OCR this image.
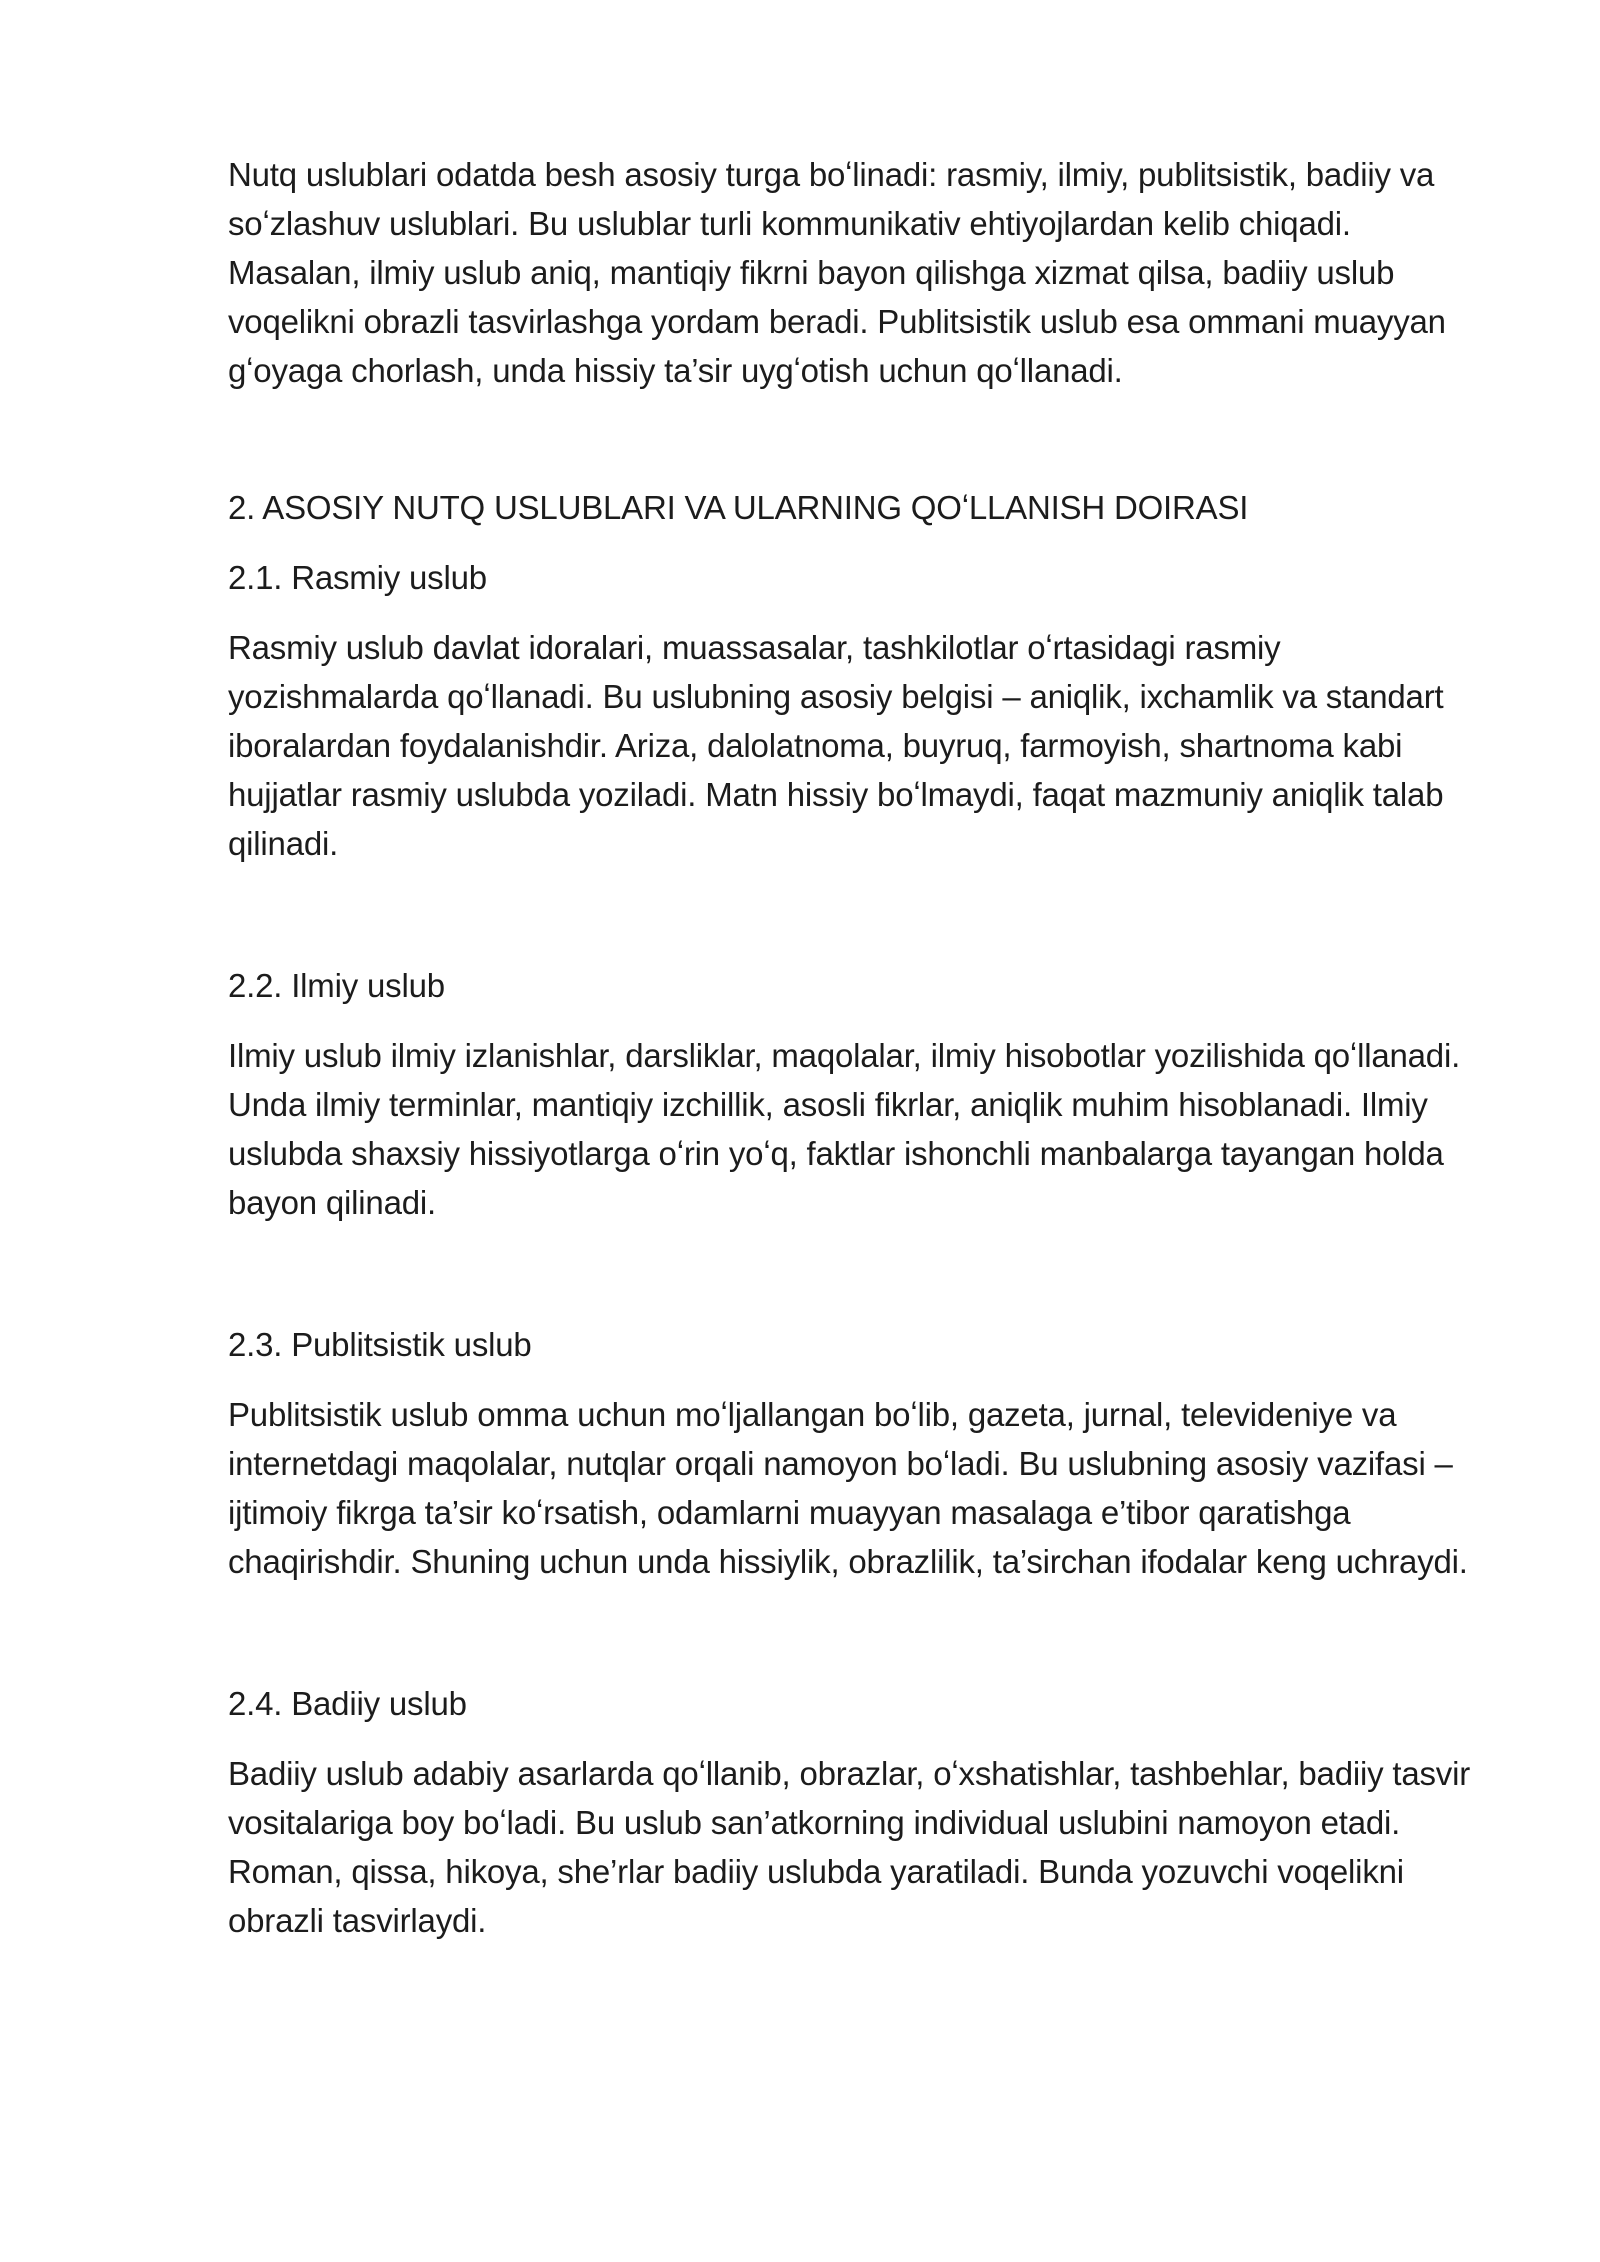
Nutq uslublari odatda besh asosiy turga boʻlinadi: rasmiy, ilmiy, publitsistik, badiiy va soʻzlashuv uslublari. Bu uslublar turli kommunikativ ehtiyojlardan kelib chiqadi. Masalan, ilmiy uslub aniq, mantiqiy fikrni bayon qilishga xizmat qilsa, badiiy uslub voqelikni obrazli tasvirlashga yordam beradi. Publitsistik uslub esa ommani muayyan gʻoyaga chorlash, unda hissiy ta’sir uygʻotish uchun qoʻllanadi.

2. ASOSIY NUTQ USLUBLARI VA ULARNING QOʻLLANISH DOIRASI

2.1. Rasmiy uslub

Rasmiy uslub davlat idoralari, muassasalar, tashkilotlar oʻrtasidagi rasmiy yozishmalarda qoʻllanadi. Bu uslubning asosiy belgisi – aniqlik, ixchamlik va standart iboralardan foydalanishdir. Ariza, dalolatnoma, buyruq, farmoyish, shartnoma kabi hujjatlar rasmiy uslubda yoziladi. Matn hissiy boʻlmaydi, faqat mazmuniy aniqlik talab qilinadi.

2.2. Ilmiy uslub

Ilmiy uslub ilmiy izlanishlar, darsliklar, maqolalar, ilmiy hisobotlar yozilishida qoʻllanadi. Unda ilmiy terminlar, mantiqiy izchillik, asosli fikrlar, aniqlik muhim hisoblanadi. Ilmiy uslubda shaxsiy hissiyotlarga oʻrin yoʻq, faktlar ishonchli manbalarga tayangan holda bayon qilinadi.

2.3. Publitsistik uslub

Publitsistik uslub omma uchun moʻljallangan boʻlib, gazeta, jurnal, televideniye va internetdagi maqolalar, nutqlar orqali namoyon boʻladi. Bu uslubning asosiy vazifasi – ijtimoiy fikrga ta’sir koʻrsatish, odamlarni muayyan masalaga e’tibor qaratishga chaqirishdir. Shuning uchun unda hissiylik, obrazlilik, ta’sirchan ifodalar keng uchraydi.

2.4. Badiiy uslub

Badiiy uslub adabiy asarlarda qoʻllanib, obrazlar, oʻxshatishlar, tashbehlar, badiiy tasvir vositalariga boy boʻladi. Bu uslub san’atkorning individual uslubini namoyon etadi. Roman, qissa, hikoya, she’rlar badiiy uslubda yaratiladi. Bunda yozuvchi voqelikni obrazli tasvirlaydi.
